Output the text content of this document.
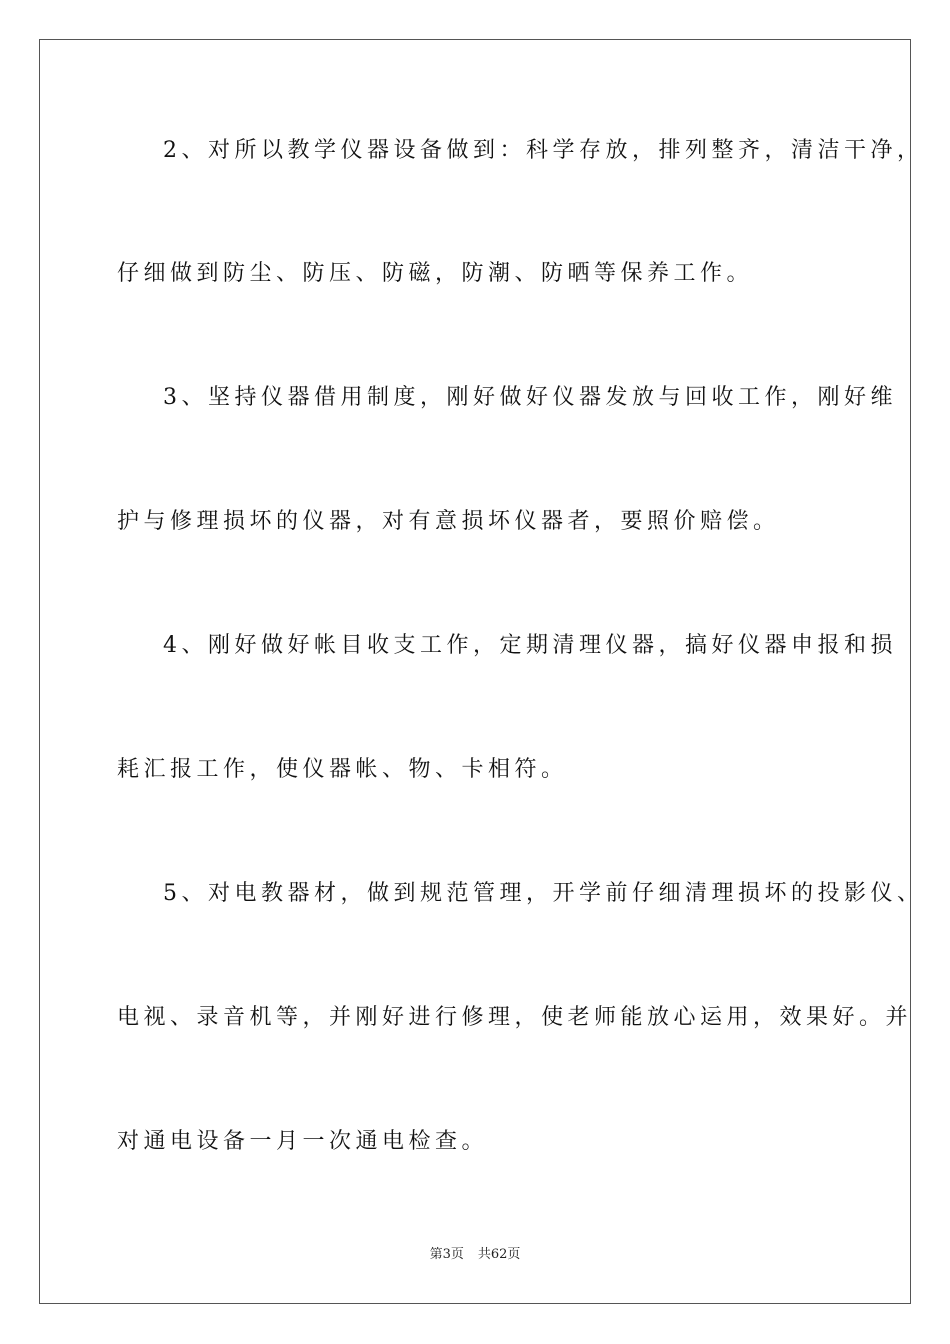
2、对所以教学仪器设备做到：科学存放，排列整齐，清洁干净，
仔细做到防尘、防压、防磁，防潮、防晒等保养工作。
3、坚持仪器借用制度，刚好做好仪器发放与回收工作，刚好维
护与修理损坏的仪器，对有意损坏仪器者，要照价赔偿。
4、刚好做好帐目收支工作，定期清理仪器，搞好仪器申报和损
耗汇报工作，使仪器帐、物、卡相符。
5、对电教器材，做到规范管理，开学前仔细清理损坏的投影仪、
电视、录音机等，并刚好进行修理，使老师能放心运用，效果好。并
对通电设备一月一次通电检查。
第3页 共62页
